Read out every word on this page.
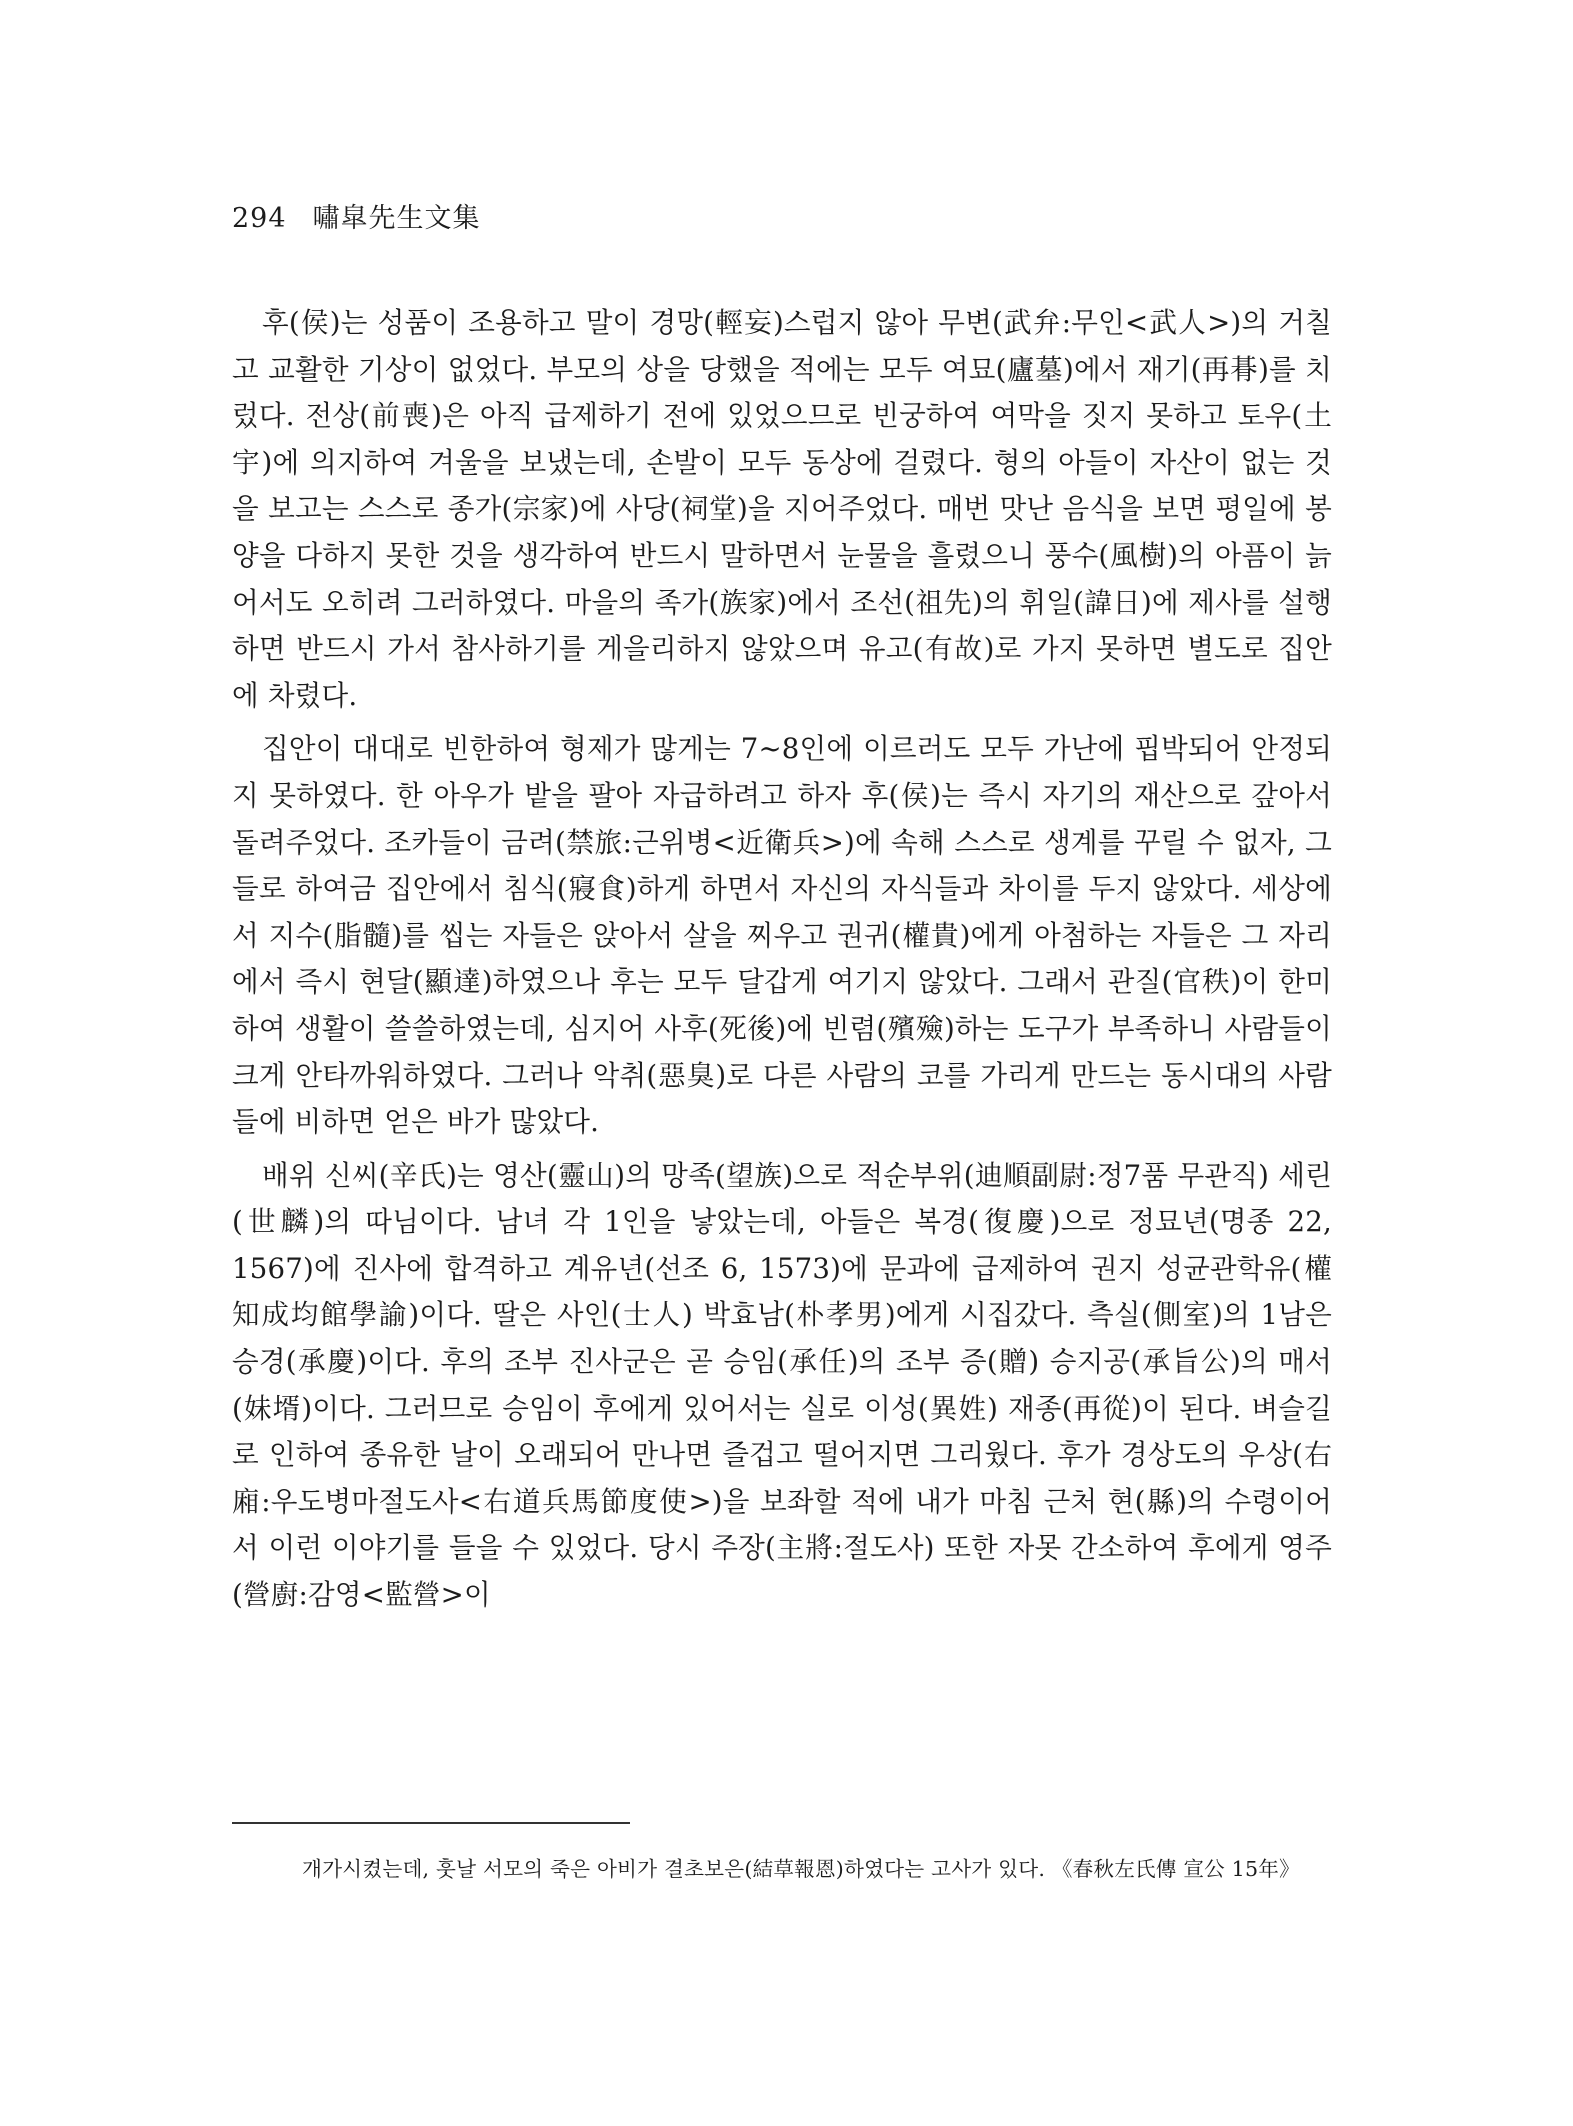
294 嘯皐先生文集

후(侯)는 성품이 조용하고 말이 경망(輕妄)스럽지 않아 무변(武弁:무인<武人>)의 거칠고 교활한 기상이 없었다. 부모의 상을 당했을 적에는 모두 여묘(廬墓)에서 재기(再朞)를 치렀다. 전상(前喪)은 아직 급제하기 전에 있었으므로 빈궁하여 여막을 짓지 못하고 토우(土宇)에 의지하여 겨울을 보냈는데, 손발이 모두 동상에 걸렸다. 형의 아들이 자산이 없는 것을 보고는 스스로 종가(宗家)에 사당(祠堂)을 지어주었다. 매번 맛난 음식을 보면 평일에 봉양을 다하지 못한 것을 생각하여 반드시 말하면서 눈물을 흘렸으니 풍수(風樹)의 아픔이 늙어서도 오히려 그러하였다. 마을의 족가(族家)에서 조선(祖先)의 휘일(諱日)에 제사를 설행하면 반드시 가서 참사하기를 게을리하지 않았으며 유고(有故)로 가지 못하면 별도로 집안에 차렸다.

집안이 대대로 빈한하여 형제가 많게는 7~8인에 이르러도 모두 가난에 핍박되어 안정되지 못하였다. 한 아우가 밭을 팔아 자급하려고 하자 후(侯)는 즉시 자기의 재산으로 갚아서 돌려주었다. 조카들이 금려(禁旅:근위병<近衛兵>)에 속해 스스로 생계를 꾸릴 수 없자, 그들로 하여금 집안에서 침식(寢食)하게 하면서 자신의 자식들과 차이를 두지 않았다. 세상에서 지수(脂髓)를 씹는 자들은 앉아서 살을 찌우고 권귀(權貴)에게 아첨하는 자들은 그 자리에서 즉시 현달(顯達)하였으나 후는 모두 달갑게 여기지 않았다. 그래서 관질(官秩)이 한미하여 생활이 쓸쓸하였는데, 심지어 사후(死後)에 빈렴(殯殮)하는 도구가 부족하니 사람들이 크게 안타까워하였다. 그러나 악취(惡臭)로 다른 사람의 코를 가리게 만드는 동시대의 사람들에 비하면 얻은 바가 많았다.

배위 신씨(辛氏)는 영산(靈山)의 망족(望族)으로 적순부위(迪順副尉:정7품 무관직) 세린(世麟)의 따님이다. 남녀 각 1인을 낳았는데, 아들은 복경(復慶)으로 정묘년(명종 22, 1567)에 진사에 합격하고 계유년(선조 6, 1573)에 문과에 급제하여 권지 성균관학유(權知成均館學諭)이다. 딸은 사인(士人) 박효남(朴孝男)에게 시집갔다. 측실(側室)의 1남은 승경(承慶)이다. 후의 조부 진사군은 곧 승임(承任)의 조부 증(贈) 승지공(承旨公)의 매서(妹壻)이다. 그러므로 승임이 후에게 있어서는 실로 이성(異姓) 재종(再從)이 된다. 벼슬길로 인하여 종유한 날이 오래되어 만나면 즐겁고 떨어지면 그리웠다. 후가 경상도의 우상(右廂:우도병마절도사<右道兵馬節度使>)을 보좌할 적에 내가 마침 근처 현(縣)의 수령이어서 이런 이야기를 들을 수 있었다. 당시 주장(主將:절도사) 또한 자못 간소하여 후에게 영주(營廚:감영<監營>이

개가시켰는데, 훗날 서모의 죽은 아비가 결초보은(結草報恩)하였다는 고사가 있다. 《春秋左氏傳 宣公 15年》
